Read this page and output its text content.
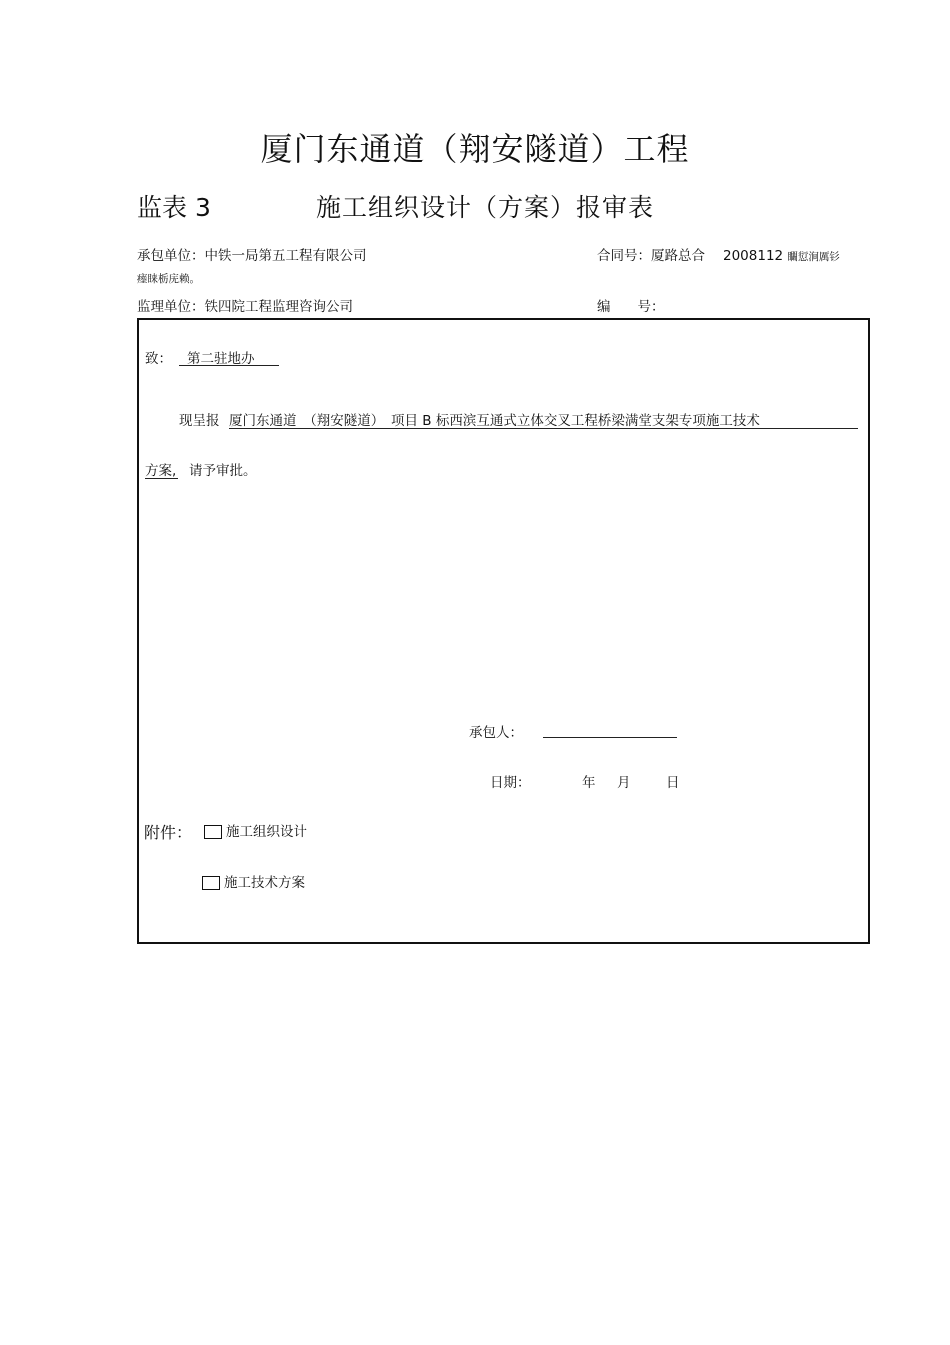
厦门东通道（翔安隧道）工程
监表 3	施工组织设计（方案）报审表
承包单位：中铁一局第五工程有限公司	合同号：厦路总合 2008112 矙愆涧厲钐
瘗睐栃庑赖。
监理单位：铁四院工程监理咨询公司	编　　号：
致：	第二驻地办
现呈报 厦门东通道　（翔安隧道）　项目 B 标西滨互通式立体交叉工程桥梁满堂支架专项施工技术
方案, 请予审批。
承包人：
日期：	年 月	日
附件：	施工组织设计
施工技术方案
